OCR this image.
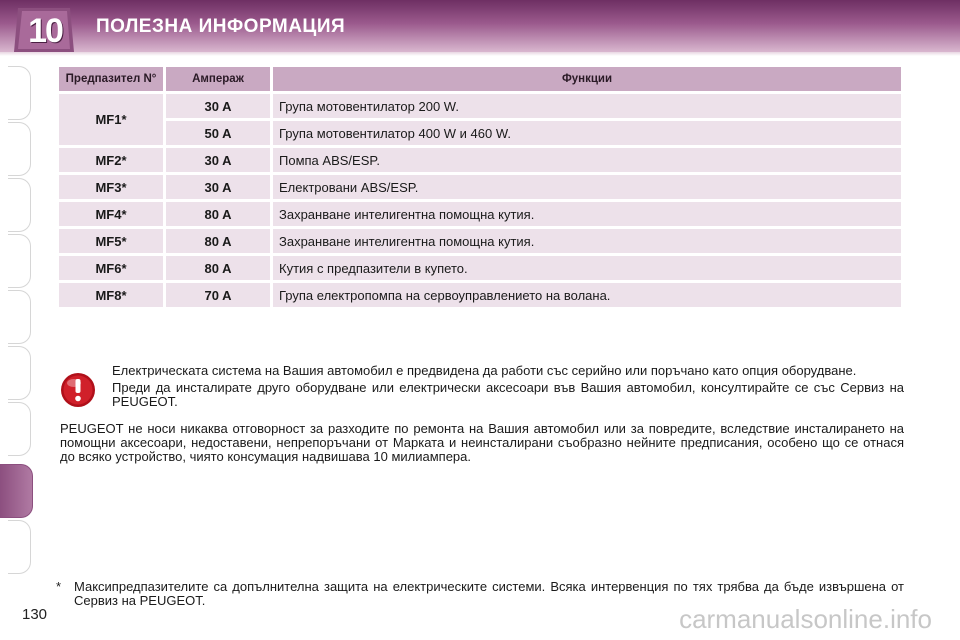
10	ПОЛЕЗНА ИНФОРМАЦИЯ
Предпазител N°	Ампераж	Функции
MF1*	30 A	Група мотовентилатор 200 W.
	50 A	Група мотовентилатор 400 W и 460 W.
MF2*	30 A	Помпа ABS/ESP.
MF3*	30 A	Електровани ABS/ESP.
MF4*	80 A	Захранване интелигентна помощна кутия.
MF5*	80 A	Захранване интелигентна помощна кутия.
MF6*	80 A	Кутия с предпазители в купето.
MF8*	70 A	Група електропомпа на сервоуправлението на волана.

Електрическата система на Вашия автомобил е предвидена да работи със серийно или поръчано като опция оборудване.

Преди да инсталирате друго оборудване или електрически аксесоари във Вашия автомобил, консултирайте се със Сервиз на PEUGEOT.

PEUGEOT не носи никаква отговорност за разходите по ремонта на Вашия автомобил или за повредите, вследствие инсталирането на помощни аксесоари, недоставени, непрепоръчани от Марката и неинсталирани съобразно нейните предписания, особено що се отнася до всяко устройство, чиято консумация надвишава 10 милиампера.
* Максипредпазителите са допълнителна защита на електрическите системи. Всяка интервенция по тях трябва да бъде извършена от Сервиз на PEUGEOT.
130	carmanualsonline.info
